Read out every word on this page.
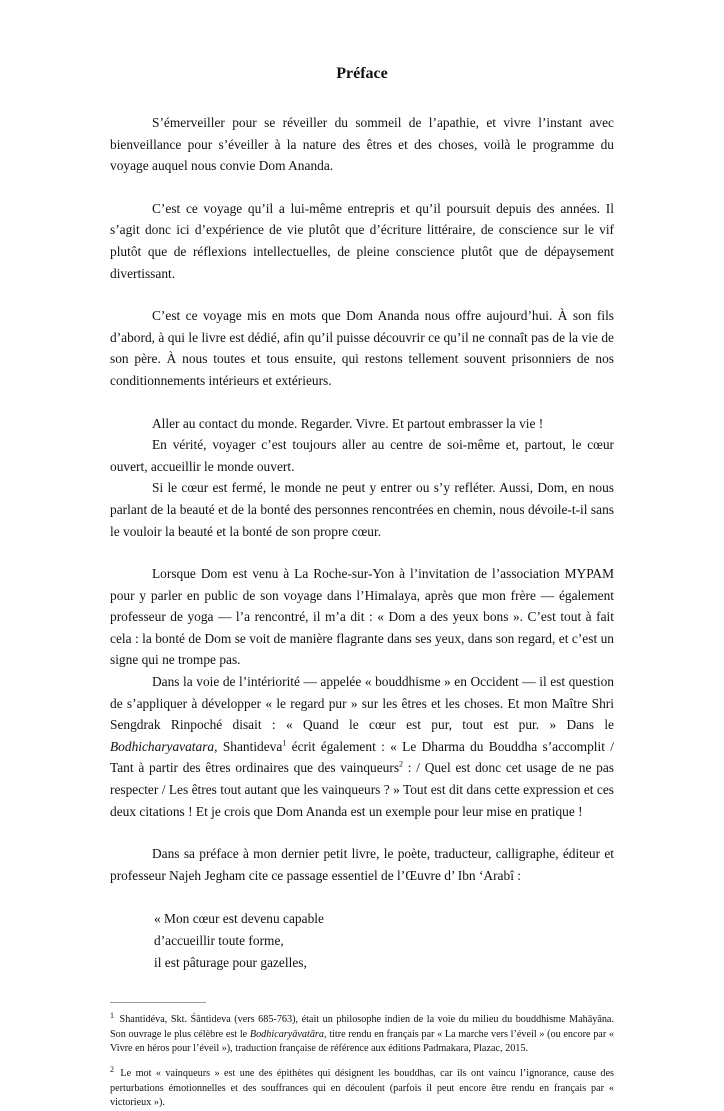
Préface

S’émerveiller pour se réveiller du sommeil de l’apathie, et vivre l’instant avec bienveillance pour s’éveiller à la nature des êtres et des choses, voilà le programme du voyage auquel nous convie Dom Ananda.

C’est ce voyage qu’il a lui-même entrepris et qu’il poursuit depuis des années. Il s’agit donc ici d’expérience de vie plutôt que d’écriture littéraire, de conscience sur le vif plutôt que de réflexions intellectuelles, de pleine conscience plutôt que de dépaysement divertissant.

C’est ce voyage mis en mots que Dom Ananda nous offre aujourd’hui. À son fils d’abord, à qui le livre est dédié, afin qu’il puisse découvrir ce qu’il ne connaît pas de la vie de son père. À nous toutes et tous ensuite, qui restons tellement souvent prisonniers de nos conditionnements intérieurs et extérieurs.

Aller au contact du monde. Regarder. Vivre. Et partout embrasser la vie !

En vérité, voyager c’est toujours aller au centre de soi-même et, partout, le cœur ouvert, accueillir le monde ouvert.

Si le cœur est fermé, le monde ne peut y entrer ou s’y refléter. Aussi, Dom, en nous parlant de la beauté et de la bonté des personnes rencontrées en chemin, nous dévoile-t-il sans le vouloir la beauté et la bonté de son propre cœur.

Lorsque Dom est venu à La Roche-sur-Yon à l’invitation de l’association MYPAM pour y parler en public de son voyage dans l’Himalaya, après que mon frère — également professeur de yoga — l’a rencontré, il m’a dit : « Dom a des yeux bons ». C’est tout à fait cela : la bonté de Dom se voit de manière flagrante dans ses yeux, dans son regard, et c’est un signe qui ne trompe pas.

Dans la voie de l’intériorité — appelée « bouddhisme » en Occident — il est question de s’appliquer à développer « le regard pur » sur les êtres et les choses. Et mon Maître Shri Sengdrak Rinpoché disait : « Quand le cœur est pur, tout est pur. » Dans le Bodhicharyavatara, Shantideva$^1$ écrit également : « Le Dharma du Bouddha s’accomplit / Tant à partir des êtres ordinaires que des vainqueurs$^2$ : / Quel est donc cet usage de ne pas respecter / Les êtres tout autant que les vainqueurs ? » Tout est dit dans cette expression et ces deux citations ! Et je crois que Dom Ananda est un exemple pour leur mise en pratique !

Dans sa préface à mon dernier petit livre, le poète, traducteur, calligraphe, éditeur et professeur Najeh Jegham cite ce passage essentiel de l’Œuvre d’ Ibn ‘Arabî :

« Mon cœur est devenu capable
d’accueillir toute forme,
il est pâturage pour gazelles,

$^1$ Shantidéva, Skt. Śāntideva (vers 685-763), était un philosophe indien de la voie du milieu du bouddhisme Mahāyāna. Son ouvrage le plus célèbre est le Bodhicaryāvatāra, titre rendu en français par « La marche vers l’éveil » (ou encore par « Vivre en héros pour l’éveil »), traduction française de référence aux éditions Padmakara, Plazac, 2015.

$^2$ Le mot « vainqueurs » est une des épithètes qui désignent les bouddhas, car ils ont vaincu l’ignorance, cause des perturbations émotionnelles et des souffrances qui en découlent (parfois il peut encore être rendu en français par « victorieux »).
